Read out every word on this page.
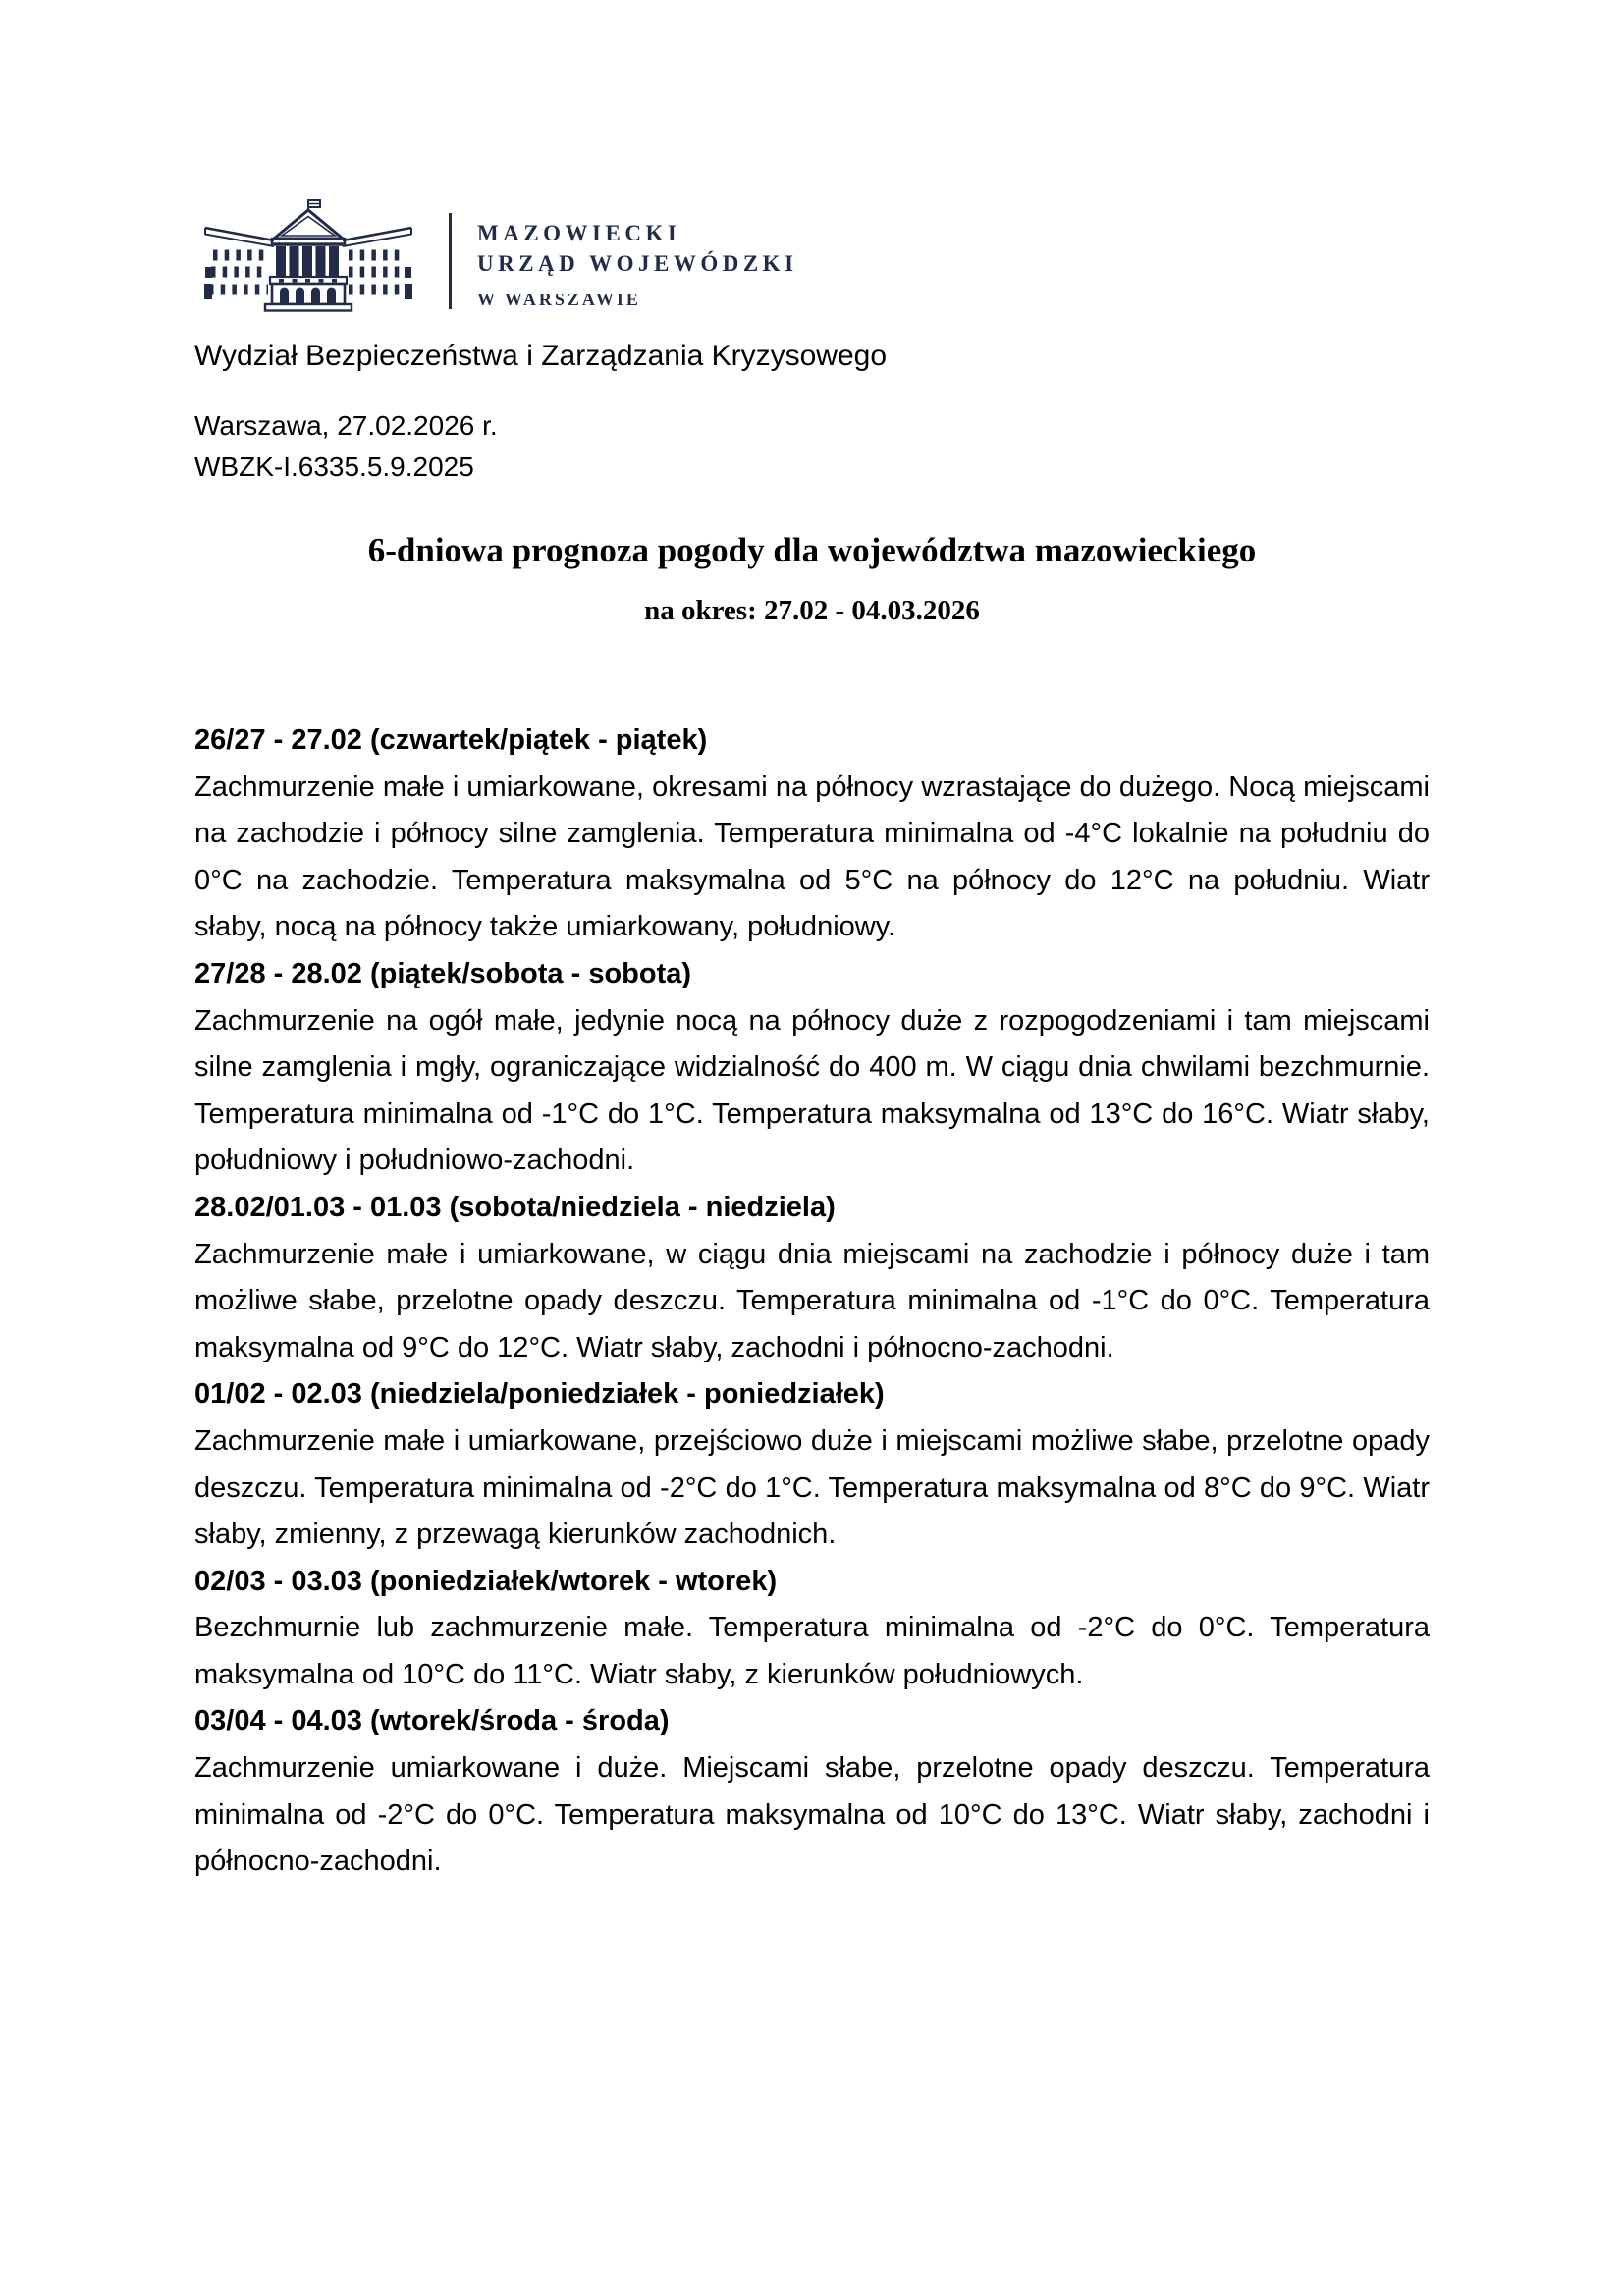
MAZOWIECKI
URZĄD WOJEWÓDZKI
W WARSZAWIE
Wydział Bezpieczeństwa i Zarządzania Kryzysowego
Warszawa, 27.02.2026 r.
WBZK-I.6335.5.9.2025
6-dniowa prognoza pogody dla województwa mazowieckiego
na okres: 27.02 - 04.03.2026
26/27 - 27.02 (czwartek/piątek - piątek)
Zachmurzenie małe i umiarkowane, okresami na północy wzrastające do dużego. Nocą miejscami na zachodzie i północy silne zamglenia. Temperatura minimalna od -4°C lokalnie na południu do 0°C na zachodzie. Temperatura maksymalna od 5°C na północy do 12°C na południu. Wiatr słaby, nocą na północy także umiarkowany, południowy.
27/28 - 28.02 (piątek/sobota - sobota)
Zachmurzenie na ogół małe, jedynie nocą na północy duże z rozpogodzeniami i tam miejscami silne zamglenia i mgły, ograniczające widzialność do 400 m. W ciągu dnia chwilami bezchmurnie. Temperatura minimalna od -1°C do 1°C. Temperatura maksymalna od 13°C do 16°C. Wiatr słaby, południowy i południowo-zachodni.
28.02/01.03 - 01.03 (sobota/niedziela - niedziela)
Zachmurzenie małe i umiarkowane, w ciągu dnia miejscami na zachodzie i północy duże i tam możliwe słabe, przelotne opady deszczu. Temperatura minimalna od -1°C do 0°C. Temperatura maksymalna od 9°C do 12°C. Wiatr słaby, zachodni i północno-zachodni.
01/02 - 02.03 (niedziela/poniedziałek - poniedziałek)
Zachmurzenie małe i umiarkowane, przejściowo duże i miejscami możliwe słabe, przelotne opady deszczu. Temperatura minimalna od -2°C do 1°C. Temperatura maksymalna od 8°C do 9°C. Wiatr słaby, zmienny, z przewagą kierunków zachodnich.
02/03 - 03.03 (poniedziałek/wtorek - wtorek)
Bezchmurnie lub zachmurzenie małe. Temperatura minimalna od -2°C do 0°C. Temperatura maksymalna od 10°C do 11°C. Wiatr słaby, z kierunków południowych.
03/04 - 04.03 (wtorek/środa - środa)
Zachmurzenie umiarkowane i duże. Miejscami słabe, przelotne opady deszczu. Temperatura minimalna od -2°C do 0°C. Temperatura maksymalna od 10°C do 13°C. Wiatr słaby, zachodni i północno-zachodni.
